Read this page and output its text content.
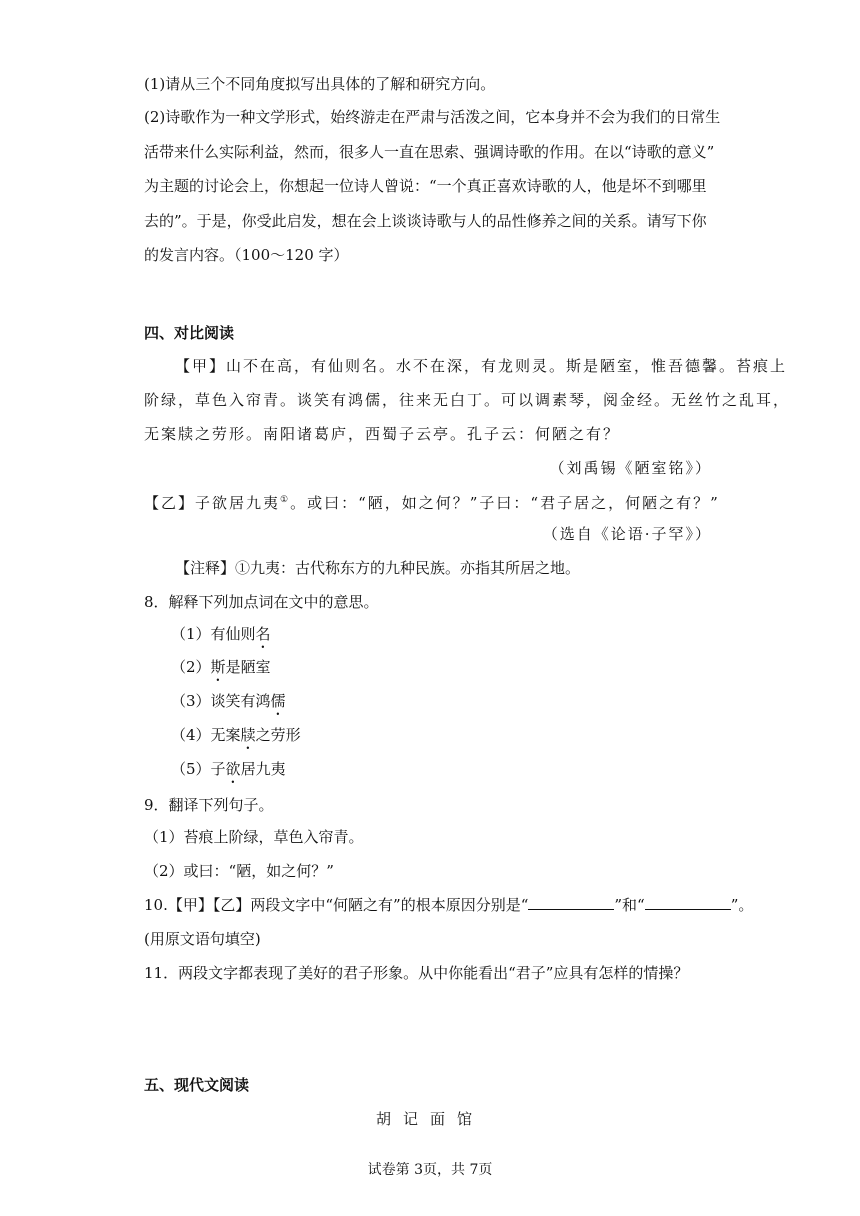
(1)请从三个不同角度拟写出具体的了解和研究方向。
(2)诗歌作为一种文学形式，始终游走在严肃与活泼之间，它本身并不会为我们的日常生
活带来什么实际利益，然而，很多人一直在思索、强调诗歌的作用。在以“诗歌的意义”
为主题的讨论会上，你想起一位诗人曾说：“一个真正喜欢诗歌的人，他是坏不到哪里
去的”。于是，你受此启发，想在会上谈谈诗歌与人的品性修养之间的关系。请写下你
的发言内容。（100～120 字）
四、对比阅读
【甲】山不在高，有仙则名。水不在深，有龙则灵。斯是陋室，惟吾德馨。苔痕上
阶绿，草色入帘青。谈笑有鸿儒，往来无白丁。可以调素琴，阅金经。无丝竹之乱耳，
无案牍之劳形。南阳诸葛庐，西蜀子云亭。孔子云：何陋之有？
（刘禹锡《陋室铭》）
【乙】子欲居九夷①。或曰：“陋，如之何？”子曰：“君子居之，何陋之有？”
（选自《论语·子罕》）
【注释】①九夷：古代称东方的九种民族。亦指其所居之地。
8．解释下列加点词在文中的意思。
（1）有仙则名
（2）斯是陋室
（3）谈笑有鸿儒
（4）无案牍之劳形
（5）子欲居九夷
9．翻译下列句子。
（1）苔痕上阶绿，草色入帘青。
（2）或曰：“陋，如之何？”
10.【甲】【乙】两段文字中“何陋之有”的根本原因分别是“	”和“	”。
(用原文语句填空)
11．两段文字都表现了美好的君子形象。从中你能看出“君子”应具有怎样的情操？
五、现代文阅读
胡记面馆
试卷第 3页，共 7页
